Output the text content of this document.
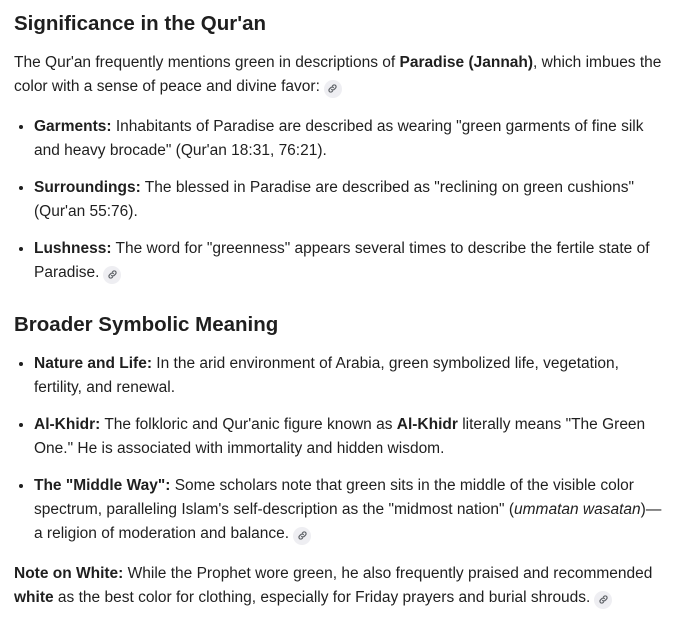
Significance in the Qur'an

The Qur'an frequently mentions green in descriptions of Paradise (Jannah), which imbues the color with a sense of peace and divine favor:

• Garments: Inhabitants of Paradise are described as wearing "green garments of fine silk and heavy brocade" (Qur'an 18:31, 76:21).
• Surroundings: The blessed in Paradise are described as "reclining on green cushions" (Qur'an 55:76).
• Lushness: The word for "greenness" appears several times to describe the fertile state of Paradise.
Broader Symbolic Meaning
• Nature and Life: In the arid environment of Arabia, green symbolized life, vegetation, fertility, and renewal.
• Al-Khidr: The folkloric and Qur'anic figure known as Al-Khidr literally means "The Green One." He is associated with immortality and hidden wisdom.
• The "Middle Way": Some scholars note that green sits in the middle of the visible color spectrum, paralleling Islam's self-description as the "midmost nation" (ummatan wasatan)—a religion of moderation and balance.

Note on White: While the Prophet wore green, he also frequently praised and recommended white as the best color for clothing, especially for Friday prayers and burial shrouds.
